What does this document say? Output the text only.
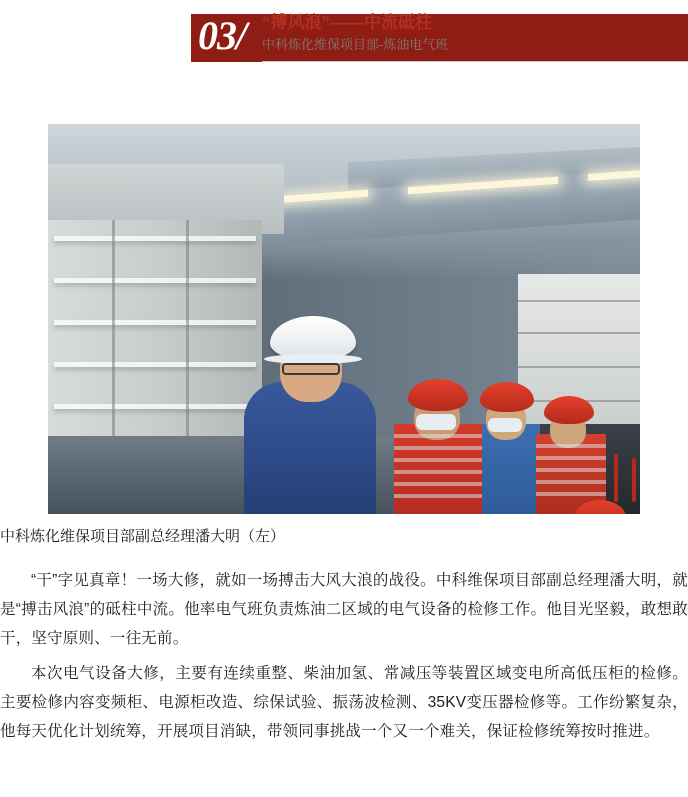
03/ “搏风浪”——中流砥柱
中科炼化维保项目部-炼油电气班
中科炼化维保项目部副总经理潘大明（左）

“干”字见真章！一场大修，就如一场搏击大风大浪的战役。中科维保项目部副总经理潘大明，就是“搏击风浪”的砥柱中流。他率电气班负责炼油二区域的电气设备的检修工作。他目光坚毅，敢想敢干，坚守原则、一往无前。

本次电气设备大修，主要有连续重整、柴油加氢、常减压等装置区域变电所高低压柜的检修。主要检修内容变频柜、电源柜改造、综保试验、振荡波检测、35KV变压器检修等。工作纷繁复杂，他每天优化计划统筹，开展项目消缺，带领同事挑战一个又一个难关，保证检修统筹按时推进。
